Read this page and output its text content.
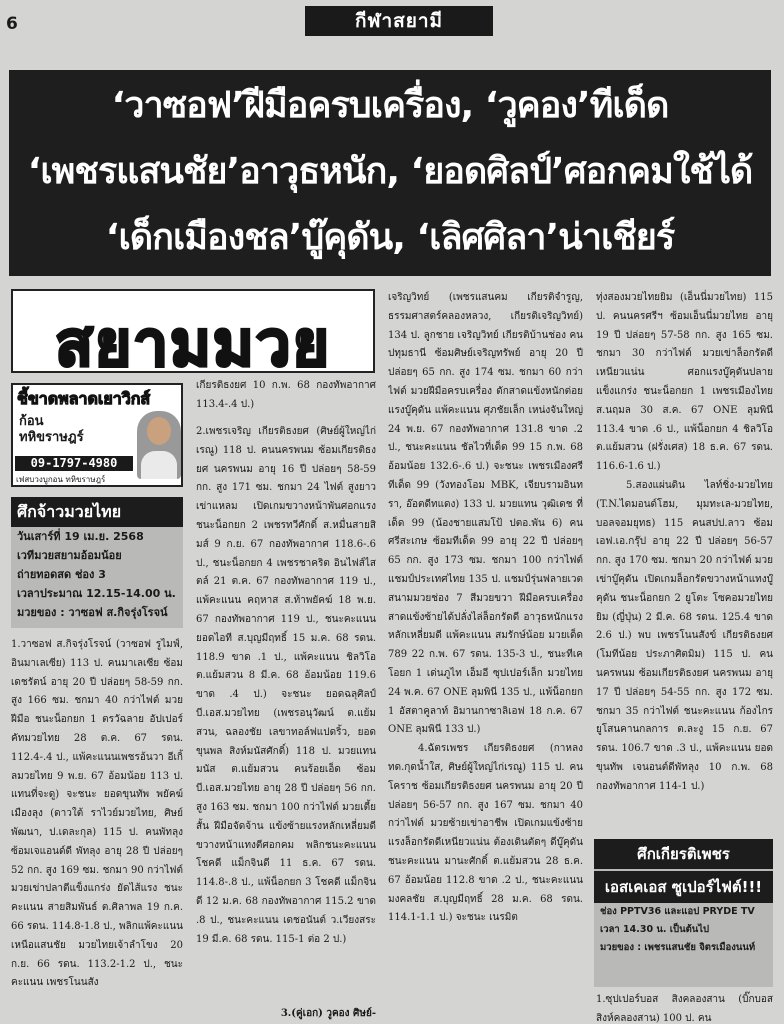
6	กีฬาสยามี
‘วาซอฟ’ฝีมือครบเครื่อง, ‘วูคอง’ทีเด็ด
‘เพชรแสนชัย’อาวุธหนัก, ‘ยอดศิลป์’ศอกคมใช้ได้
‘เด็กเมืองชล’บู๊คุดัน, ‘เลิศศิลา’น่าเชียร์
สยามมวย
ชี้ขาดพลาดเยาวิกส์
ก้อน
ทหิขราษฎร์
09-1797-4980
เฟสบวงบูกอน ทหิขราษฎร์
ศึกจ้าวมวยไทย

วันเสาร์ที่ 19 เม.ย. 2568

เวทีมวยสยามอ้อมน้อย

ถ่ายทอดสด ช่อง 3

เวลาประมาณ 12.15-14.00 น.

มวยของ : วาซอฟ ส.กิจรุ่งโรจน์

1.วาซอฟ ส.กิจรุ่งโรจน์ (วาซอฟ รูไมฟ์, อินมาเลเซีย) 113 ป. คนมาเลเซีย ซ้อมเดชรัตน์ อายุ 20 ปี ปล่อยๆ 58-59 กก. สูง 166 ซม. ชกมา 40 กว่าไฟต์ มวยฝีมือ ชนะน็อกยก 1 ตรวัฉลาย อัปเปอร์คัทมวยไทย 28 ต.ค. 67 รดน. 112.4-.4 ป., แพ้คะแนนเพชรอ้นวา อีเกิ้ลมวยไทย 9 พ.ย. 67 อ้อมน้อย 113 ป. แทนที่จะดู) จะชนะ ยอดขุนทัพ พยัคฆ์เมืองลุง (ดาวใต้ ราไวย์มวยไทย, ศิษย์พัฒนา, ป.เดละกุล) 115 ป. คนพัทลุง ซ้อมเจแอนด์ดี พัทลุง อายุ 28 ปี ปล่อยๆ 52 กก. สูง 169 ซม. ชกมา 90 กว่าไฟต์ มวยเข่าปลาตีแข็งแกร่ง ยัดไส้แรง ชนะคะแนน สายสิมพันธ์ ต.ศิลาพล 19 ก.ค. 66 รดน. 114.8-1.8 ป., พลิกแพ้คะแนน เหนือแสนชัย มวยไทยเจ้าลำโขง 20 ก.ย. 66 รดน. 113.2-1.2 ป., ชนะคะแนน เพชรโนนสัง
เกียรติธงยศ 10 ก.พ. 68 กองทัพอากาศ 113.4-.4 ป.)
2.เพชรเจริญ เกียรติธงยศ (ศิษย์ผู้ใหญ่ไก่เรณู) 118 ป. คนนครพนม ซ้อมเกียรติธงยศ นครพนม อายุ 16 ปี ปล่อยๆ 58-59 กก. สูง 171 ซม. ชกมา 24 ไฟต์ สูงยาวเข่าแหลม เปิดเกมขวางหน้าพันศอกแรง ชนะน็อกยก 2 เพชรทวีศักดิ์ ส.หมื่นสายสิมส์ 9 ก.ย. 67 กองทัพอากาศ 118.6-.6 ป., ชนะน็อกยก 4 เพชรชาคริต อินไฟส์ไสตล์ 21 ต.ค. 67 กองทัพอากาศ 119 ป., แพ้คะแนน คฤหาส ส.ท้าพยัคฆ์ 18 พ.ย. 67 กองทัพอากาศ 119 ป., ชนะคะแนน ยอดไอที ส.บุญมีฤทธิ์ 15 ม.ค. 68 รดน. 118.9 ขาด .1 ป., แพ้คะแนน ชิลวิโอ ต.แย้มสวน 8 มี.ค. 68 อ้อมน้อย 119.6 ขาด .4 ป.) จะชนะ ยอดฉลุศิลป์ บี.เอส.มวยไทย (เพชรอนุวัฒน์ ต.แย้มสวน, ฉลองชัย เลขาทอล์ฟแปดริ้ว, ยอดขุนพล สิงห์มนัสศักดิ์) 118 ป. มวยแทน มนัส ต.แย้มสวน คนร้อยเอ็ด ซ้อม บี.เอส.มวยไทย อายุ 28 ปี ปล่อยๆ 56 กก. สูง 163 ซม. ชกมา 100 กว่าไฟต์ มวยเตี้ยสั้น ฝีมือจัดจ้าน แข้งซ้ายแรงหลักเหลี่ยมดี ขวางหน้าแทงตีศอกคม พลิกชนะคะแนน โชคดี แม็กจินดี 11 ธ.ค. 67 รดน. 114.8-.8 ป., แพ้น็อกยก 3 โชคดี แม็กจินดี 12 ม.ค. 68 กองทัพอากาศ 115.2 ขาด .8 ป., ชนะคะแนน เดชอนันต์ ว.เวียงสระ 19 มี.ค. 68 รดน. 115-1 ต่อ 2 ป.)
3.(คู่เอก) วูคอง ศิษย์-
เจริญวิทย์ (เพชรแสนคม เกียรติจำรูญ, ธรรมศาสตร์คลองหลวง, เกียรติเจริญวิทย์) 134 ป. ลูกชาย เจริญวิทย์ เกียรติบ้านช่อง คนปทุมธานี ซ้อมศิษย์เจริญทรัพย์ อายุ 20 ปี ปล่อยๆ 65 กก. สูง 174 ซม. ชกมา 60 กว่าไฟต์ มวยฝีมือครบเครื่อง ดักสาดแข้งหนักต่อยแรงบู๊คุดัน แพ้คะแนน ศุภชัยเล็ก เหน่งจันใหญ่ 24 พ.ย. 67 กองทัพอากาศ 131.8 ขาด .2 ป., ชนะคะแนน ชัลไวที่เด็ด 99 15 ก.พ. 68 อ้อมน้อย 132.6-.6 ป.) จะชนะ เพชรเมืองศรี ทีเด็ด 99 (วังทองโอม MBK, เจียบรามอินทรา, อ๊อตดีทแดง) 133 ป. มวยแทน วุฒิเดช ที่เด็ด 99 (น้องชายแสมโป้ ปตอ.พัน 6) คนศรีสะเกษ ซ้อมทีเด็ด 99 อายุ 22 ปี ปล่อยๆ 65 กก. สูง 173 ซม. ชกมา 100 กว่าไฟต์ แชมป์ประเทศไทย 135 ป. แชมป์รุ่นฟลายเวต สนามมวยช่อง 7 สีมวยขวา ฝีมือครบเครื่อง สาดแข้งซ้ายได้ปลั่งไล่ล็อกรัดดี อาวุธหนักแรงหลักเหลี่ยมดี แพ้คะแนน สมรักษ์น้อย มวยเด็ด 789 22 ก.พ. 67 รดน. 135-3 ป., ชนะทีเคโอยก 1 เด่นภูไท เอ็มอี ซุปเปอร์เล็ก มวยไทย 24 พ.ค. 67 ONE ลุมพินี 135 ป., แพ้น็อกยก 1 อัสตาคูลาท์ อิมานกาซาลิเอฟ 18 ก.ค. 67 ONE ลุมพินี 133 ป.)
4.ฉัตรเพชร เกียรติธงยศ (กาหลง ทด.กุดน้ำใส, ศิษย์ผู้ใหญ่ไก่เรณู) 115 ป. คนโคราช ซ้อมเกียรติธงยศ นครพนม อายุ 20 ปี ปล่อยๆ 56-57 กก. สูง 167 ซม. ชกมา 40 กว่าไฟต์ มวยซ้ายเข่าอาชีพ เปิดเกมแข้งซ้ายแรงล็อกรัดดีเหนียวแน่น ต้องเดินตัดๆ ดีบู๊คุดัน ชนะคะแนน มานะศักดิ์ ต.แย้มสวน 28 ธ.ค. 67 อ้อมน้อย 112.8 ขาด .2 ป., ชนะคะแนน มงคลชัย ส.บุญมีฤทธิ์ 28 ม.ค. 68 รดน. 114.1-1.1 ป.) จะชนะ เนรมิต
ทุ่งสองมวยไทยยิม (เอ็นนี่มวยไทย) 115 ป. คนนครศรีฯ ซ้อมเอ็นนี่มวยไทย อายุ 19 ปี ปล่อยๆ 57-58 กก. สูง 165 ซม. ชกมา 30 กว่าไฟต์ มวยเข่าล็อกรัดดีเหนียวแน่น ศอกแรงบู๊คุดันปลายแข็งแกร่ง ชนะน็อกยก 1 เพชรเมืองไทย ส.นฤมล 30 ส.ค. 67 ONE ลุมพินี 113.4 ขาด .6 ป., แพ้น็อกยก 4 ชิลวิโอ ต.แย้มสวน (ฝรั่งเศส) 18 ธ.ค. 67 รดน. 116.6-1.6 ป.)
5.สองแผ่นดิน ไลท์ชิ่ง-มวยไทย (T.N.ไดมอนด์โฮม, มุมทะเล-มวยไทย, บอลจอมยุทธ) 115 คนสปป.ลาว ซ้อมเอฟ.เอ.กรุ๊ป อายุ 22 ปี ปล่อยๆ 56-57 กก. สูง 170 ซม. ชกมา 20 กว่าไฟต์ มวยเข่าบู๊คุดัน เปิดเกมล็อกรัดขวางหน้าแทงบู๊คุดัน ชนะน็อกยก 2 ยูโตะ โซคอมวยไทยยิม (ญี่ปุ่น) 2 มี.ค. 68 รดน. 125.4 ขาด 2.6 ป.) พบ เพชรโนนสังข์ เกียรติธงยศ (โมทีน้อย ประภาศิตมิม) 115 ป. คนนครพนม ซ้อมเกียรติธงยศ นครพนม อายุ 17 ปี ปล่อยๆ 54-55 กก. สูง 172 ซม. ชกมา 35 กว่าไฟต์ ชนะคะแนน ก้องไกร ยูโสนคานกลการ ต.ละงู 15 ก.ย. 67 รดน. 106.7 ขาด .3 ป., แพ้คะแนน ยอดขุนทัพ เจนอนต์ดีพัทลุง 10 ก.พ. 68 กองทัพอากาศ 114-1 ป.)
ศึกเกียรติเพชร
เอสเคเอส ซูเปอร์ไฟต์!!!

ช่อง PPTV36 และแอป PRYDE TV

เวลา 14.30 น. เป็นต้นไป

มวยของ : เพชรแสนชัย จิตรเมืองนนท์

1.ซุปเปอร์บอส สิงคลองสาน (บิ๊กบอส สิงห์คลองสาน) 100 ป. คน
